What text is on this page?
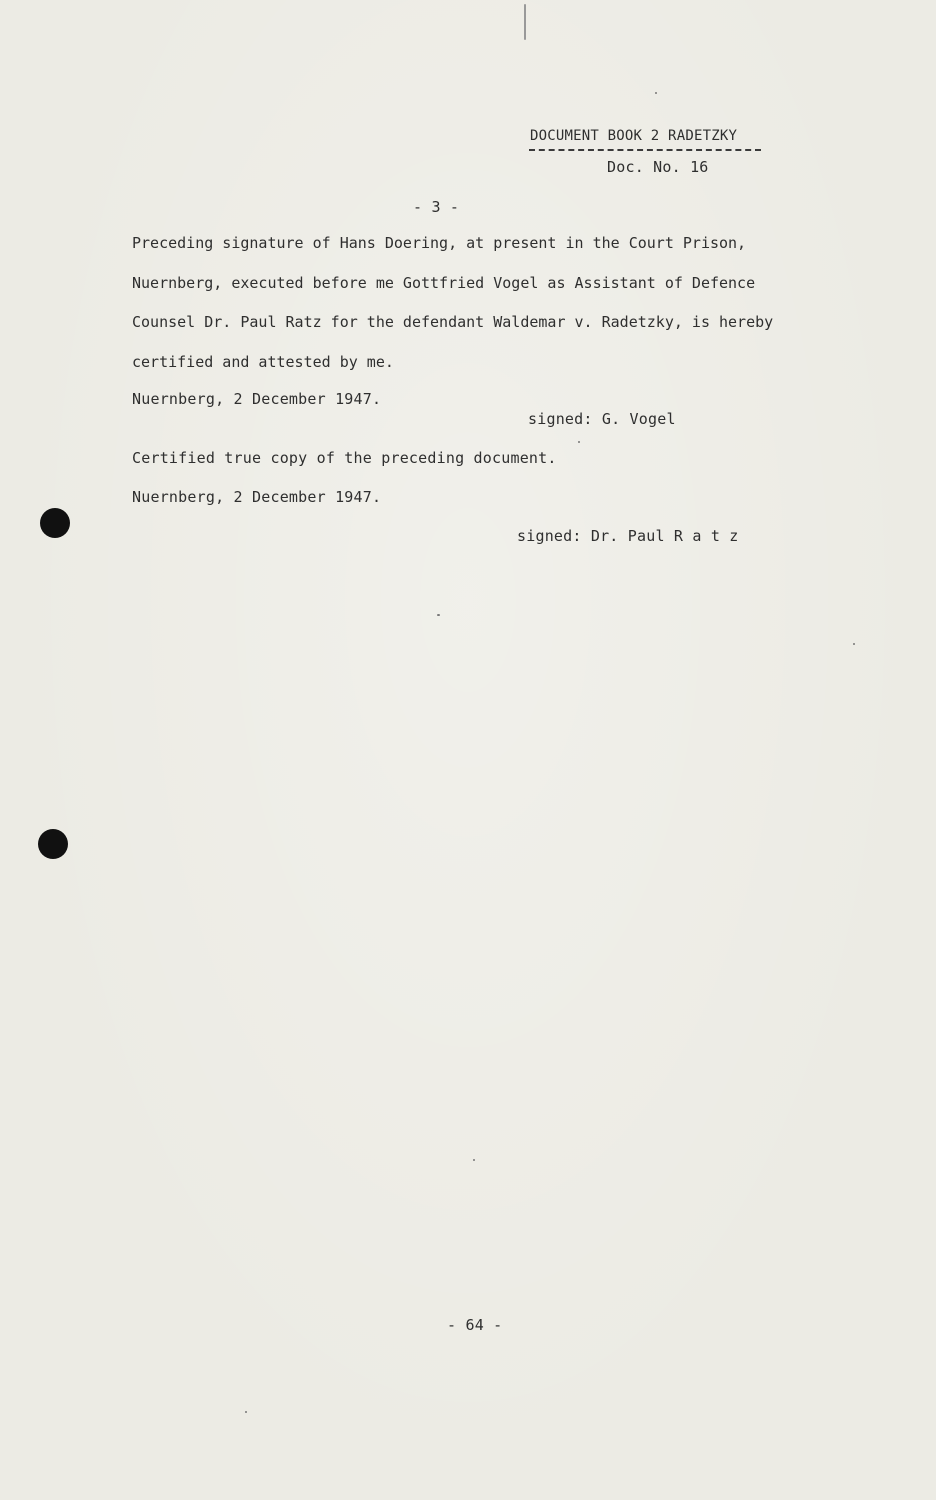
DOCUMENT BOOK 2 RADETZKY
Doc. No. 16
- 3 -
Preceding signature of Hans Doering, at present in the Court Prison,
Nuernberg, executed before me Gottfried Vogel as Assistant of Defence
Counsel Dr. Paul Ratz for the defendant Waldemar v. Radetzky, is hereby
certified and attested by me.
Nuernberg, 2 December 1947.
signed: G. Vogel
Certified true copy of the preceding document.
Nuernberg, 2 December 1947.
signed: Dr. Paul R a t z
- 64 -
